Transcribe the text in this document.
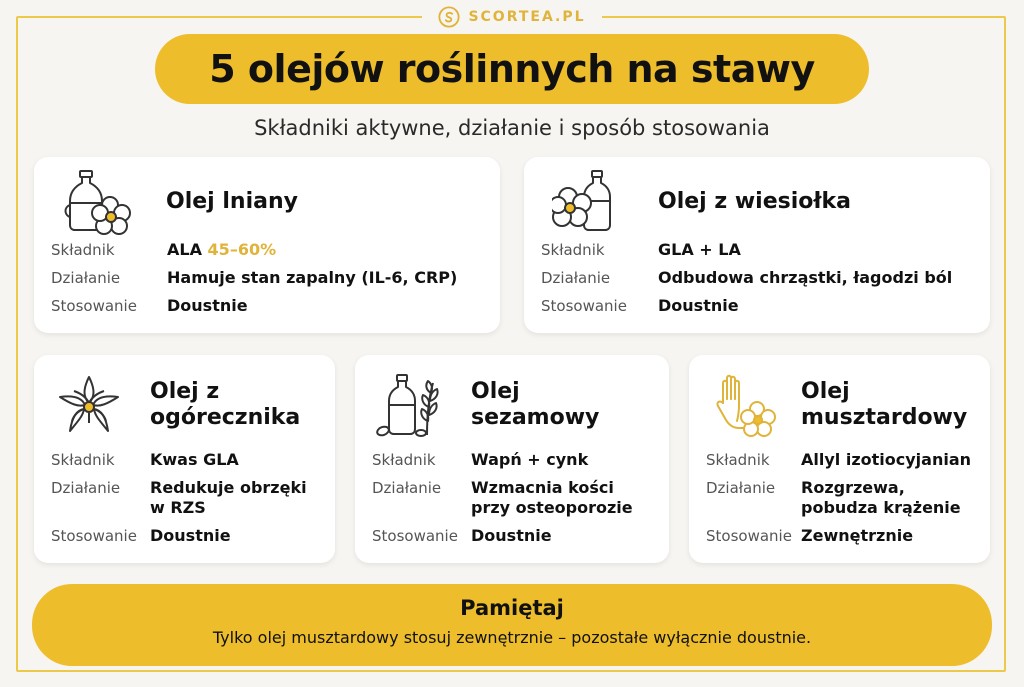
SCORTEA.PL
5 olejów roślinnych na stawy
Składniki aktywne, działanie i sposób stosowania
Olej lniany
Składnik	ALA 45–60%
Działanie	Hamuje stan zapalny (IL-6, CRP)
Stosowanie Doustnie
Olej z wiesiołka
Składnik	GLA + LA
Działanie	Odbudowa chrząstki, łagodzi ból
Stosowanie Doustnie
Olej z
ogórecznika
Składnik Kwas GLA
Działanie Redukuje obrzęki
w RZS
Stosowanie Doustnie
Olej
sezamowy
Składnik Wapń + cynk
Działanie Wzmacnia kości
przy osteoporozie
Stosowanie Doustnie
Olej
musztardowy
Składnik Allyl izotiocyjanian
Działanie Rozgrzewa,
pobudza krążenie
Stosowanie Zewnętrznie
Pamiętaj
Tylko olej musztardowy stosuj zewnętrznie – pozostałe wyłącznie doustnie.
